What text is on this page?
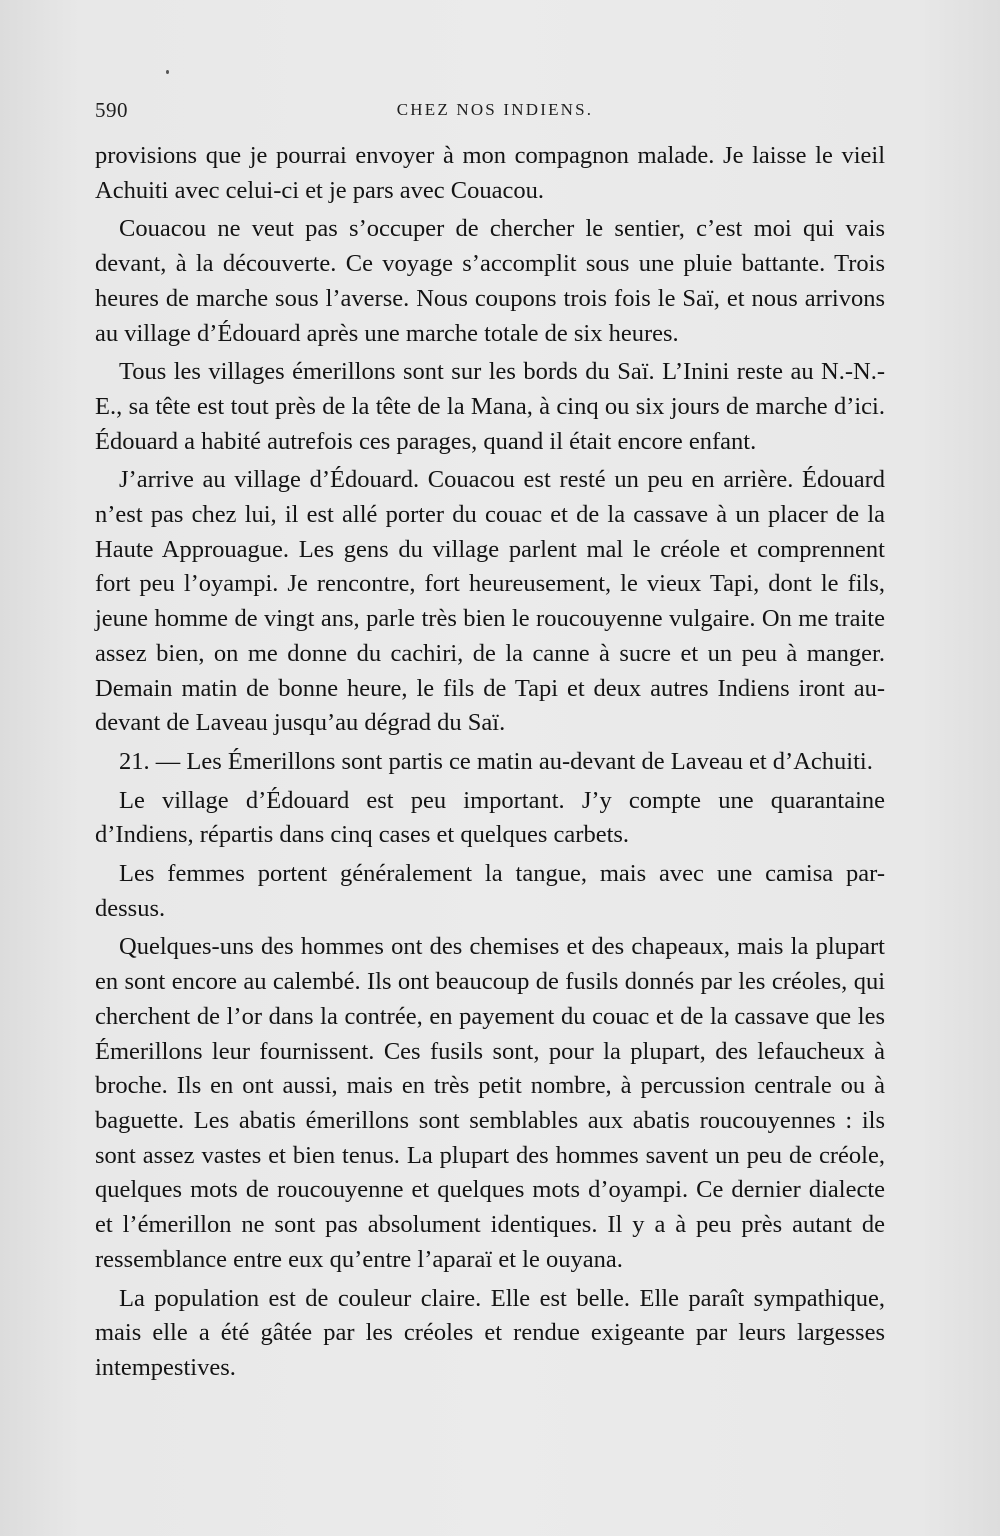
590	CHEZ NOS INDIENS.

provisions que je pourrai envoyer à mon compagnon malade. Je laisse le vieil Achuiti avec celui-ci et je pars avec Couacou.

Couacou ne veut pas s’occuper de chercher le sentier, c’est moi qui vais devant, à la découverte. Ce voyage s’accomplit sous une pluie battante. Trois heures de marche sous l’averse. Nous coupons trois fois le Saï, et nous arrivons au village d’Édouard après une marche totale de six heures.

Tous les villages émerillons sont sur les bords du Saï. L’Inini reste au N.-N.-E., sa tête est tout près de la tête de la Mana, à cinq ou six jours de marche d’ici. Édouard a habité autrefois ces parages, quand il était encore enfant.

J’arrive au village d’Édouard. Couacou est resté un peu en arrière. Édouard n’est pas chez lui, il est allé porter du couac et de la cassave à un placer de la Haute Approuague. Les gens du village parlent mal le créole et comprennent fort peu l’oyampi. Je rencontre, fort heureusement, le vieux Tapi, dont le fils, jeune homme de vingt ans, parle très bien le roucouyenne vulgaire. On me traite assez bien, on me donne du cachiri, de la canne à sucre et un peu à manger. Demain matin de bonne heure, le fils de Tapi et deux autres Indiens iront au-devant de Laveau jusqu’au dégrad du Saï.

21. — Les Émerillons sont partis ce matin au-devant de Laveau et d’Achuiti.

Le village d’Édouard est peu important. J’y compte une quarantaine d’Indiens, répartis dans cinq cases et quelques carbets.

Les femmes portent généralement la tangue, mais avec une camisa par-dessus.

Quelques-uns des hommes ont des chemises et des chapeaux, mais la plupart en sont encore au calembé. Ils ont beaucoup de fusils donnés par les créoles, qui cherchent de l’or dans la contrée, en payement du couac et de la cassave que les Émerillons leur fournissent. Ces fusils sont, pour la plupart, des lefaucheux à broche. Ils en ont aussi, mais en très petit nombre, à percussion centrale ou à baguette. Les abatis émerillons sont semblables aux abatis roucouyennes : ils sont assez vastes et bien tenus. La plupart des hommes savent un peu de créole, quelques mots de roucouyenne et quelques mots d’oyampi. Ce dernier dialecte et l’émerillon ne sont pas absolument identiques. Il y a à peu près autant de ressemblance entre eux qu’entre l’aparaï et le ouyana.

La population est de couleur claire. Elle est belle. Elle paraît sympathique, mais elle a été gâtée par les créoles et rendue exigeante par leurs largesses intempestives.
